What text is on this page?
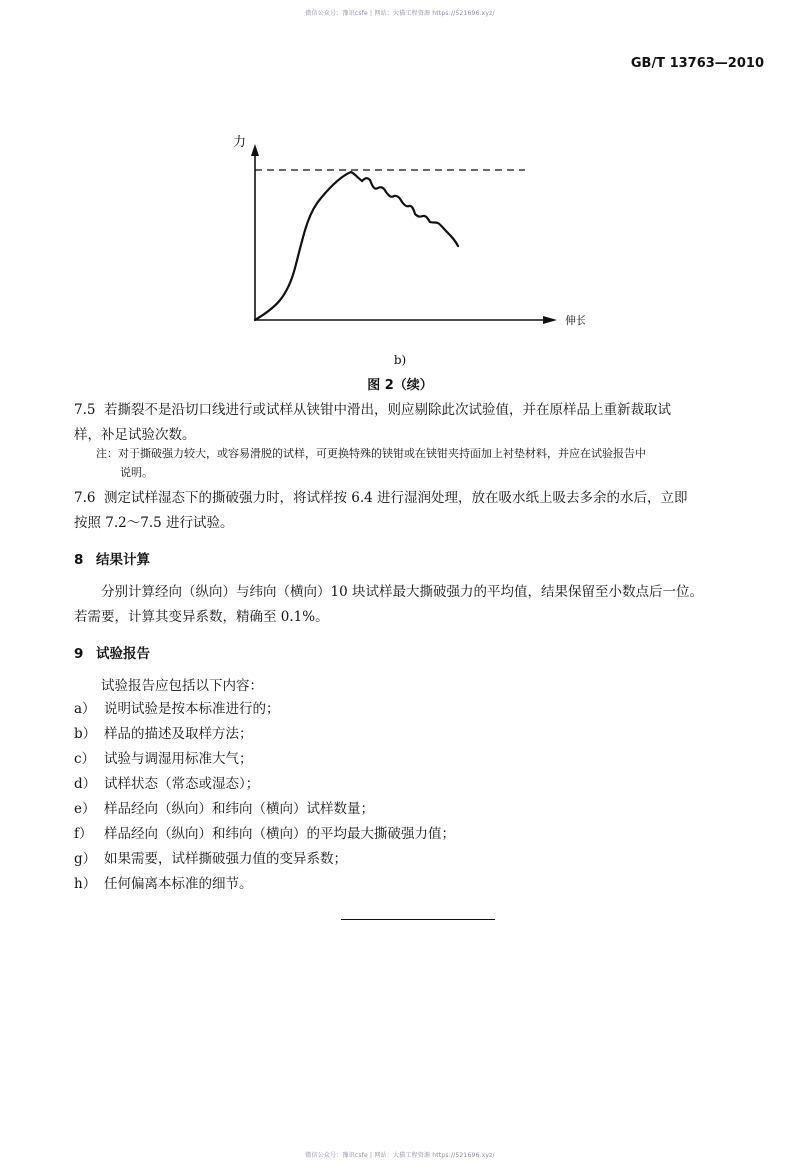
微信公众号：豫讯csfe | 网站：大猫工程资源 https://521696.xyz/
GB/T 13763—2010
力
伸长
b)
图 2（续）
7.5 若撕裂不是沿切口线进行或试样从铗钳中滑出，则应剔除此次试验值，并在原样品上重新裁取试
样，补足试验次数。
注：对于撕破强力较大，或容易滑脱的试样，可更换特殊的铗钳或在铗钳夹持面加上衬垫材料，并应在试验报告中
说明。
7.6 测定试样湿态下的撕破强力时，将试样按 6.4 进行湿润处理，放在吸水纸上吸去多余的水后，立即
按照 7.2～7.5 进行试验。
8 结果计算
分别计算经向（纵向）与纬向（横向）10 块试样最大撕破强力的平均值，结果保留至小数点后一位。
若需要，计算其变异系数，精确至 0.1%。
9 试验报告
试验报告应包括以下内容：
a） 说明试验是按本标准进行的；
b） 样品的描述及取样方法；
c） 试验与调湿用标准大气；
d） 试样状态（常态或湿态）；
e） 样品经向（纵向）和纬向（横向）试样数量；
f） 样品经向（纵向）和纬向（横向）的平均最大撕破强力值；
g） 如果需要，试样撕破强力值的变异系数；
h） 任何偏离本标准的细节。
微信公众号：豫讯csfe | 网站：大猫工程资源 https://521696.xyz/
